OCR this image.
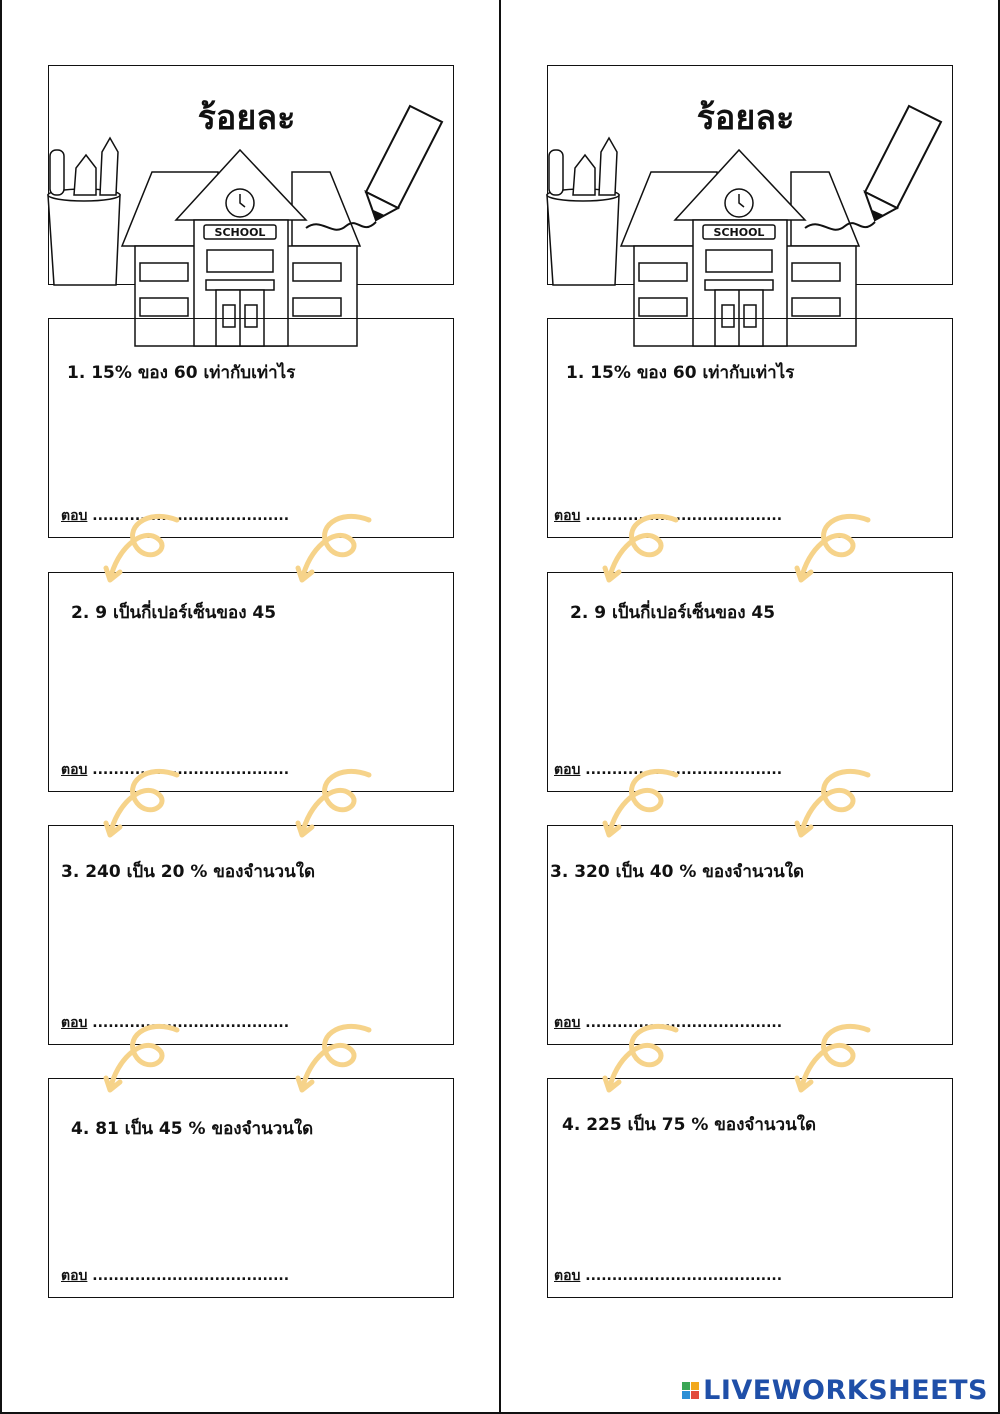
ร้อยละ
SCHOOL
1. 15% ของ 60 เท่ากับเท่าไร
ตอบ .....................................
2. 9 เป็นกี่เปอร์เซ็นของ 45
ตอบ .....................................
3. 240 เป็น 20 % ของจำนวนใด
ตอบ .....................................
4. 81 เป็น 45 % ของจำนวนใด
ตอบ .....................................
ร้อยละ
SCHOOL
1. 15% ของ 60 เท่ากับเท่าไร
ตอบ .....................................
2. 9 เป็นกี่เปอร์เซ็นของ 45
ตอบ .....................................
3. 320 เป็น 40 % ของจำนวนใด
ตอบ .....................................
4. 225 เป็น 75 % ของจำนวนใด
ตอบ .....................................
LIVEWORKSHEETS
